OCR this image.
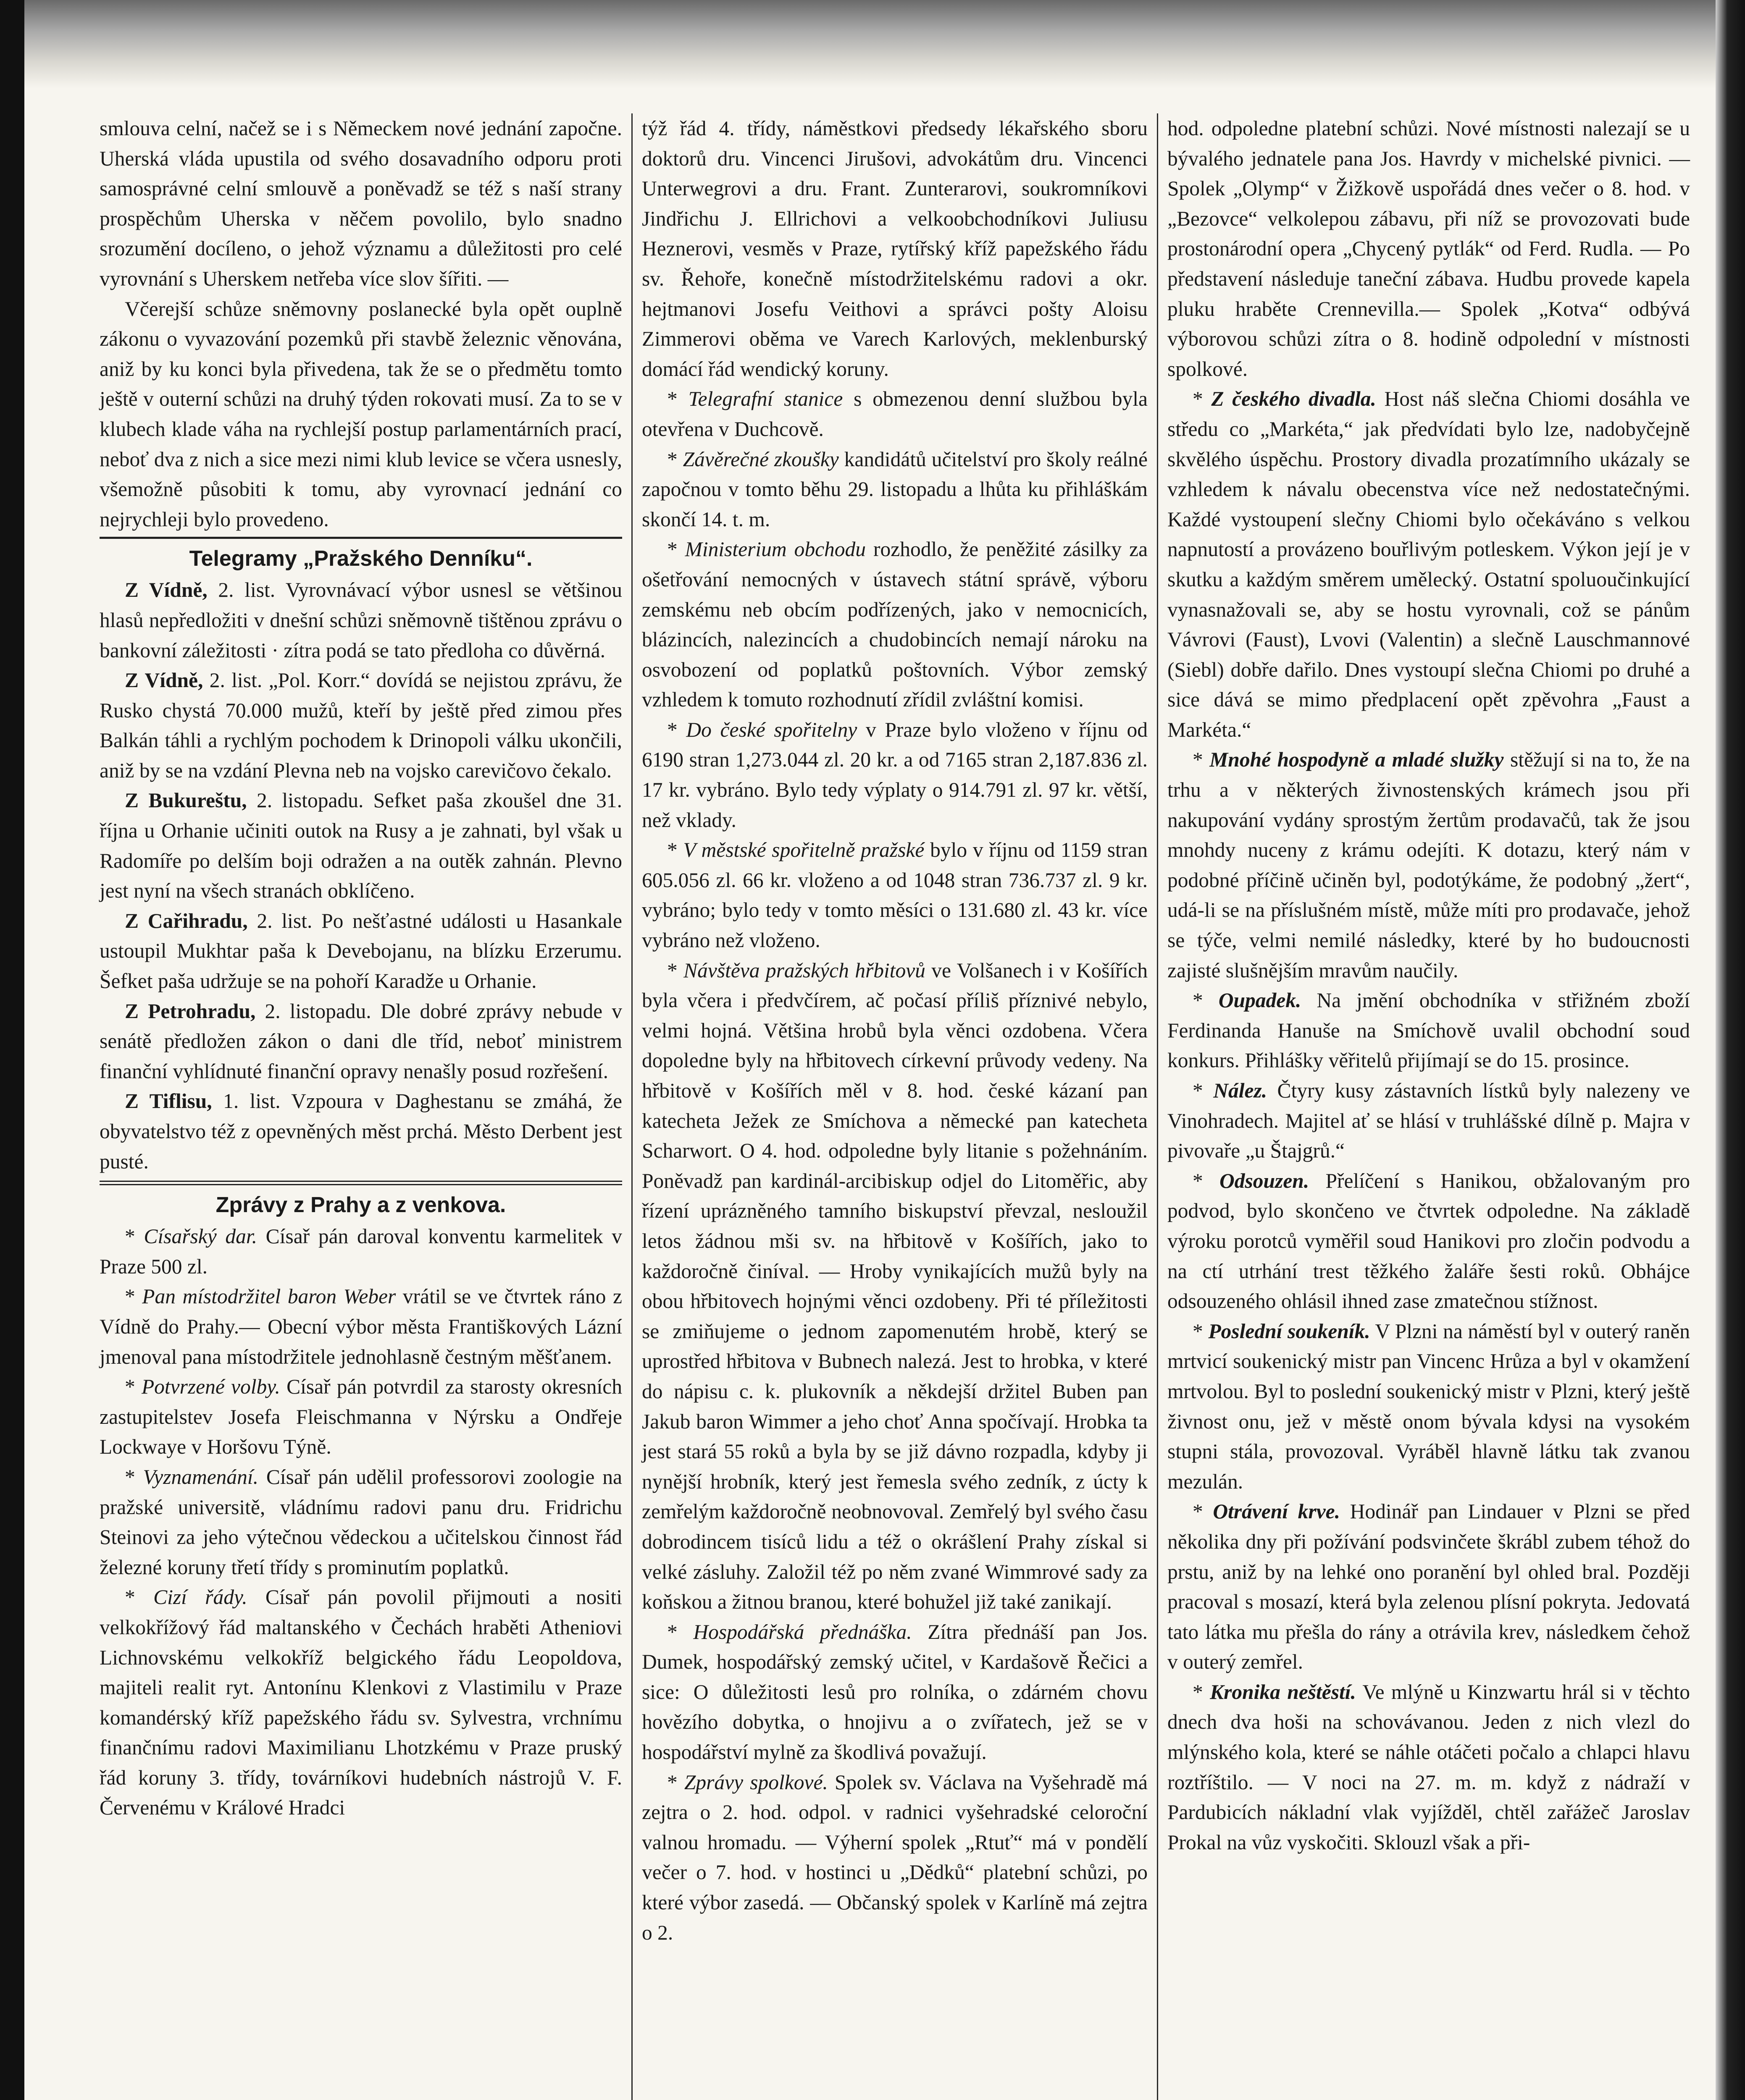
smlouva celní, načež se i s Německem nové jednání započne. Uherská vláda upustila od svého dosavadního odporu proti samosprávné celní smlouvě a poněvadž se též s naší strany prospěchům Uherska v něčem povolilo, bylo snadno srozumění docíleno, o jehož významu a důležitosti pro celé vyrovnání s Uherskem netřeba více slov šířiti. —

Včerejší schůze sněmovny poslanecké byla opět ouplně zákonu o vyvazování pozemků při stavbě železnic věnována, aniž by ku konci byla přivedena, tak že se o předmětu tomto ještě v outerní schůzi na druhý týden rokovati musí. Za to se v klubech klade váha na rychlejší postup parlamentárních prací, neboť dva z nich a sice mezi nimi klub levice se včera usnesly, všemožně působiti k tomu, aby vyrovnací jednání co nejrychleji bylo provedeno.

Telegramy „Pražského Denníku“.

Z Vídně, 2. list. Vyrovnávací výbor usnesl se většinou hlasů nepředložiti v dnešní schůzi sněmovně tištěnou zprávu o bankovní záležitosti · zítra podá se tato předloha co důvěrná.

Z Vídně, 2. list. „Pol. Korr.“ dovídá se nejistou zprávu, že Rusko chystá 70.000 mužů, kteří by ještě před zimou přes Balkán táhli a rychlým pochodem k Drinopoli válku ukončili, aniž by se na vzdání Plevna neb na vojsko carevičovo čekalo.

Z Bukureštu, 2. listopadu. Sefket paša zkoušel dne 31. října u Orhanie učiniti outok na Rusy a je zahnati, byl však u Radomíře po delším boji odražen a na outěk zahnán. Plevno jest nyní na všech stranách obklíčeno.

Z Cařihradu, 2. list. Po nešťastné události u Hasankale ustoupil Mukhtar paša k Devebojanu, na blízku Erzerumu. Šefket paša udržuje se na pohoří Karadže u Orhanie.

Z Petrohradu, 2. listopadu. Dle dobré zprávy nebude v senátě předložen zákon o dani dle tříd, neboť ministrem finanční vyhlídnuté finanční opravy nenašly posud rozřešení.

Z Tiflisu, 1. list. Vzpoura v Daghestanu se zmáhá, že obyvatelstvo též z opevněných měst prchá. Město Derbent jest pusté.

Zprávy z Prahy a z venkova.

* Císařský dar. Císař pán daroval konventu karmelitek v Praze 500 zl.

* Pan místodržitel baron Weber vrátil se ve čtvrtek ráno z Vídně do Prahy.— Obecní výbor města Františkových Lázní jmenoval pana místodržitele jednohlasně čestným měšťanem.

* Potvrzené volby. Císař pán potvrdil za starosty okresních zastupitelstev Josefa Fleischmanna v Nýrsku a Ondřeje Lockwaye v Horšovu Týně.

* Vyznamenání. Císař pán udělil professorovi zoologie na pražské universitě, vládnímu radovi panu dru. Fridrichu Steinovi za jeho výtečnou vědeckou a učitelskou činnost řád železné koruny třetí třídy s prominutím poplatků.

* Cizí řády. Císař pán povolil přijmouti a nositi velkokřížový řád maltanského v Čechách hraběti Atheniovi Lichnovskému velkokříž belgického řádu Leopoldova, majiteli realit ryt. Antonínu Klenkovi z Vlastimilu v Praze komandérský kříž papežského řádu sv. Sylvestra, vrchnímu finančnímu radovi Maximilianu Lhotzkému v Praze pruský řád koruny 3. třídy, továrníkovi hudebních nástrojů V. F. Červenému v Králové Hradci

týž řád 4. třídy, náměstkovi předsedy lékařského sboru doktorů dru. Vincenci Jirušovi, advokátům dru. Vincenci Unterwegrovi a dru. Frant. Zunterarovi, soukromníkovi Jindřichu J. Ellrichovi a velkoobchodníkovi Juliusu Heznerovi, vesměs v Praze, rytířský kříž papežského řádu sv. Řehoře, konečně místodržitelskému radovi a okr. hejtmanovi Josefu Veithovi a správci pošty Aloisu Zimmerovi oběma ve Varech Karlových, meklenburský domácí řád wendický koruny.

* Telegrafní stanice s obmezenou denní službou byla otevřena v Duchcově.

* Závěrečné zkoušky kandidátů učitelství pro školy reálné započnou v tomto běhu 29. listopadu a lhůta ku přihláškám skončí 14. t. m.

* Ministerium obchodu rozhodlo, že peněžité zásilky za ošetřování nemocných v ústavech státní správě, výboru zemskému neb obcím podřízených, jako v nemocnicích, blázincích, nalezincích a chudobincích nemají nároku na osvobození od poplatků poštovních. Výbor zemský vzhledem k tomuto rozhodnutí zřídil zvláštní komisi.

* Do české spořitelny v Praze bylo vloženo v říjnu od 6190 stran 1,273.044 zl. 20 kr. a od 7165 stran 2,187.836 zl. 17 kr. vybráno. Bylo tedy výplaty o 914.791 zl. 97 kr. větší, než vklady.

* V městské spořitelně pražské bylo v říjnu od 1159 stran 605.056 zl. 66 kr. vloženo a od 1048 stran 736.737 zl. 9 kr. vybráno; bylo tedy v tomto měsíci o 131.680 zl. 43 kr. více vybráno než vloženo.

* Návštěva pražských hřbitovů ve Volšanech i v Košířích byla včera i předvčírem, ač počasí příliš příznivé nebylo, velmi hojná. Většina hrobů byla věnci ozdobena. Včera dopoledne byly na hřbitovech církevní průvody vedeny. Na hřbitově v Košířích měl v 8. hod. české kázaní pan katecheta Ježek ze Smíchova a německé pan katecheta Scharwort. O 4. hod. odpoledne byly litanie s požehnáním. Poněvadž pan kardinál-arcibiskup odjel do Litoměřic, aby řízení uprázněného tamního biskupství převzal, nesloužil letos žádnou mši sv. na hřbitově v Košířích, jako to každoročně činíval. — Hroby vynikajících mužů byly na obou hřbitovech hojnými věnci ozdobeny. Při té příležitosti se zmiňujeme o jednom zapomenutém hrobě, který se uprostřed hřbitova v Bubnech nalezá. Jest to hrobka, v které do nápisu c. k. plukovník a někdejší držitel Buben pan Jakub baron Wimmer a jeho choť Anna spočívají. Hrobka ta jest stará 55 roků a byla by se již dávno rozpadla, kdyby ji nynější hrobník, který jest řemesla svého zedník, z úcty k zemřelým každoročně neobnovoval. Zemřelý byl svého času dobrodincem tisíců lidu a též o okrášlení Prahy získal si velké zásluhy. Založil též po něm zvané Wimmrové sady za koňskou a žitnou branou, které bohužel již také zanikají.

* Hospodářská přednáška. Zítra přednáší pan Jos. Dumek, hospodářský zemský učitel, v Kardašově Řečici a sice: O důležitosti lesů pro rolníka, o zdárném chovu hovězího dobytka, o hnojivu a o zvířatech, jež se v hospodářství mylně za škodlivá považují.

* Zprávy spolkové. Spolek sv. Václava na Vyšehradě má zejtra o 2. hod. odpol. v radnici vyšehradské celoroční valnou hromadu. — Výherní spolek „Rtuť“ má v pondělí večer o 7. hod. v hostinci u „Dědků“ platební schůzi, po které výbor zasedá. — Občanský spolek v Karlíně má zejtra o 2.

hod. odpoledne platební schůzi. Nové místnosti nalezají se u bývalého jednatele pana Jos. Havrdy v michelské pivnici. — Spolek „Olymp“ v Žižkově uspořádá dnes večer o 8. hod. v „Bezovce“ velkolepou zábavu, při níž se provozovati bude prostonárodní opera „Chycený pytlák“ od Ferd. Rudla. — Po představení následuje taneční zábava. Hudbu provede kapela pluku hraběte Crennevilla.— Spolek „Kotva“ odbývá výborovou schůzi zítra o 8. hodině odpolední v místnosti spolkové.

* Z českého divadla. Host náš slečna Chiomi dosáhla ve středu co „Markéta,“ jak předvídati bylo lze, nadobyčejně skvělého úspěchu. Prostory divadla prozatímního ukázaly se vzhledem k návalu obecenstva více než nedostatečnými. Každé vystoupení slečny Chiomi bylo očekáváno s velkou napnutostí a provázeno bouřlivým potleskem. Výkon její je v skutku a každým směrem umělecký. Ostatní spoluoučinkující vynasnažovali se, aby se hostu vyrovnali, což se pánům Vávrovi (Faust), Lvovi (Valentin) a slečně Lauschmannové (Siebl) dobře dařilo. Dnes vystoupí slečna Chiomi po druhé a sice dává se mimo předplacení opět zpěvohra „Faust a Markéta.“

* Mnohé hospodyně a mladé služky stěžují si na to, že na trhu a v některých živnostenských krámech jsou při nakupování vydány sprostým žertům prodavačů, tak že jsou mnohdy nuceny z krámu odejíti. K dotazu, který nám v podobné příčině učiněn byl, podotýkáme, že podobný „žert“, udá-li se na příslušném místě, může míti pro prodavače, jehož se týče, velmi nemilé následky, které by ho budoucnosti zajisté slušnějším mravům naučily.

* Oupadek. Na jmění obchodníka v střižném zboží Ferdinanda Hanuše na Smíchově uvalil obchodní soud konkurs. Přihlášky věřitelů přijímají se do 15. prosince.

* Nález. Čtyry kusy zástavních lístků byly nalezeny ve Vinohradech. Majitel ať se hlásí v truhlášské dílně p. Majra v pivovaře „u Štajgrů.“

* Odsouzen. Přelíčení s Hanikou, obžalovaným pro podvod, bylo skončeno ve čtvrtek odpoledne. Na základě výroku porotců vyměřil soud Hanikovi pro zločin podvodu a na ctí utrhání trest těžkého žaláře šesti roků. Obhájce odsouzeného ohlásil ihned zase zmatečnou stížnost.

* Poslední soukeník. V Plzni na náměstí byl v outerý raněn mrtvicí soukenický mistr pan Vincenc Hrůza a byl v okamžení mrtvolou. Byl to poslední soukenický mistr v Plzni, který ještě živnost onu, jež v městě onom bývala kdysi na vysokém stupni stála, provozoval. Vyráběl hlavně látku tak zvanou mezulán.

* Otrávení krve. Hodinář pan Lindauer v Plzni se před několika dny při požívání podsvinčete škrábl zubem téhož do prstu, aniž by na lehké ono poranění byl ohled bral. Později pracoval s mosazí, která byla zelenou plísní pokryta. Jedovatá tato látka mu přešla do rány a otrávila krev, následkem čehož v outerý zemřel.

* Kronika neštěstí. Ve mlýně u Kinzwartu hrál si v těchto dnech dva hoši na schovávanou. Jeden z nich vlezl do mlýnského kola, které se náhle otáčeti počalo a chlapci hlavu roztříštilo. — V noci na 27. m. m. když z nádraží v Pardubicích nákladní vlak vyjížděl, chtěl zařážeč Jaroslav Prokal na vůz vyskočiti. Sklouzl však a při-
